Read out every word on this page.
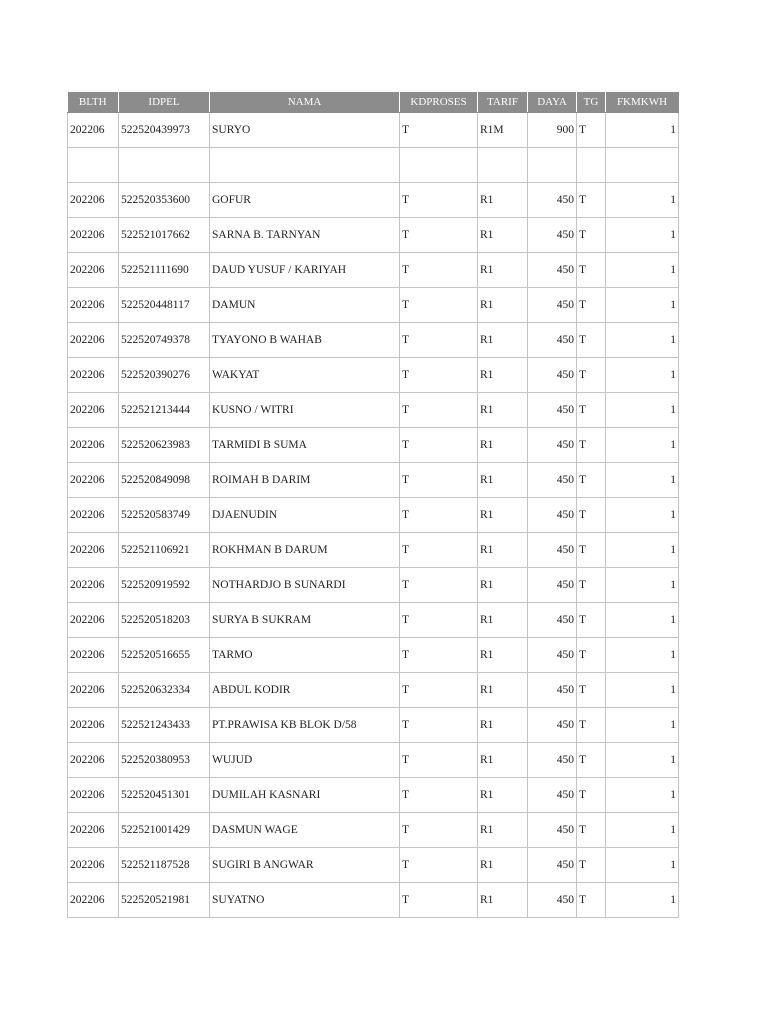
BLTH	IDPEL	NAMA	KDPROSES	TARIF	DAYA	TG	FKMKWH
202206	522520439973	SURYO	T	R1M	900	T	1

202206	522520353600	GOFUR	T	R1	450	T	1
202206	522521017662	SARNA B. TARNYAN	T	R1	450	T	1
202206	522521111690	DAUD YUSUF / KARIYAH	T	R1	450	T	1
202206	522520448117	DAMUN	T	R1	450	T	1
202206	522520749378	TYAYONO B WAHAB	T	R1	450	T	1
202206	522520390276	WAKYAT	T	R1	450	T	1
202206	522521213444	KUSNO / WITRI	T	R1	450	T	1
202206	522520623983	TARMIDI B SUMA	T	R1	450	T	1
202206	522520849098	ROIMAH B DARIM	T	R1	450	T	1
202206	522520583749	DJAENUDIN	T	R1	450	T	1
202206	522521106921	ROKHMAN B DARUM	T	R1	450	T	1
202206	522520919592	NOTHARDJO B SUNARDI	T	R1	450	T	1
202206	522520518203	SURYA B SUKRAM	T	R1	450	T	1
202206	522520516655	TARMO	T	R1	450	T	1
202206	522520632334	ABDUL KODIR	T	R1	450	T	1
202206	522521243433	PT.PRAWISA KB BLOK D/58	T	R1	450	T	1
202206	522520380953	WUJUD	T	R1	450	T	1
202206	522520451301	DUMILAH KASNARI	T	R1	450	T	1
202206	522521001429	DASMUN WAGE	T	R1	450	T	1
202206	522521187528	SUGIRI B ANGWAR	T	R1	450	T	1
202206	522520521981	SUYATNO	T	R1	450	T	1
